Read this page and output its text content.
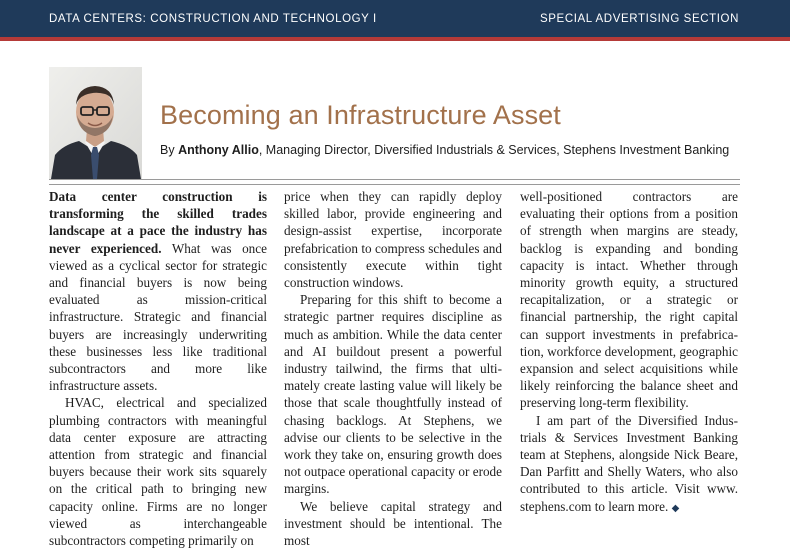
DATA CENTERS: CONSTRUCTION AND TECHNOLOGY I	SPECIAL ADVERTISING SECTION
Becoming an Infrastructure Asset
By Anthony Allio, Managing Director, Diversified Industrials & Services, Stephens Investment Banking

Data center construction is transforming the skilled trades landscape at a pace the industry has never experienced. What was once viewed as a cyclical sector for strategic and financial buyers is now being evaluated as mission-critical infrastructure. Strategic and financial buyers are increasingly underwriting these businesses less like traditional subcontractors and more like infrastructure assets.

HVAC, electrical and specialized plumbing contractors with meaningful data center exposure are attracting attention from strategic and financial buyers because their work sits squarely on the critical path to bringing new capacity online. Firms are no longer viewed as interchangeable subcontractors competing primarily on

price when they can rapidly deploy skilled labor, provide engineering and design-assist expertise, incorporate prefabrication to compress schedules and consistently execute within tight construction windows.

Preparing for this shift to become a strategic partner requires discipline as much as ambition. While the data center and AI buildout present a powerful industry tailwind, the firms that ultimately create lasting value will likely be those that scale thoughtfully instead of chasing backlogs. At Stephens, we advise our clients to be selective in the work they take on, ensuring growth does not outpace operational capacity or erode margins.

We believe capital strategy and investment should be intentional. The most

well-positioned contractors are evaluating their options from a position of strength when margins are steady, backlog is expanding and bonding capacity is intact. Whether through minority growth equity, a structured recapitalization, or a strategic or financial partnership, the right capital can support investments in prefabrication, workforce development, geographic expansion and select acquisitions while likely reinforcing the balance sheet and preserving long-term flexibility.

I am part of the Diversified Industrials & Services Investment Banking team at Stephens, alongside Nick Beare, Dan Parfitt and Shelly Waters, who also contributed to this article. Visit www.​stephens.com to learn more. ◆
